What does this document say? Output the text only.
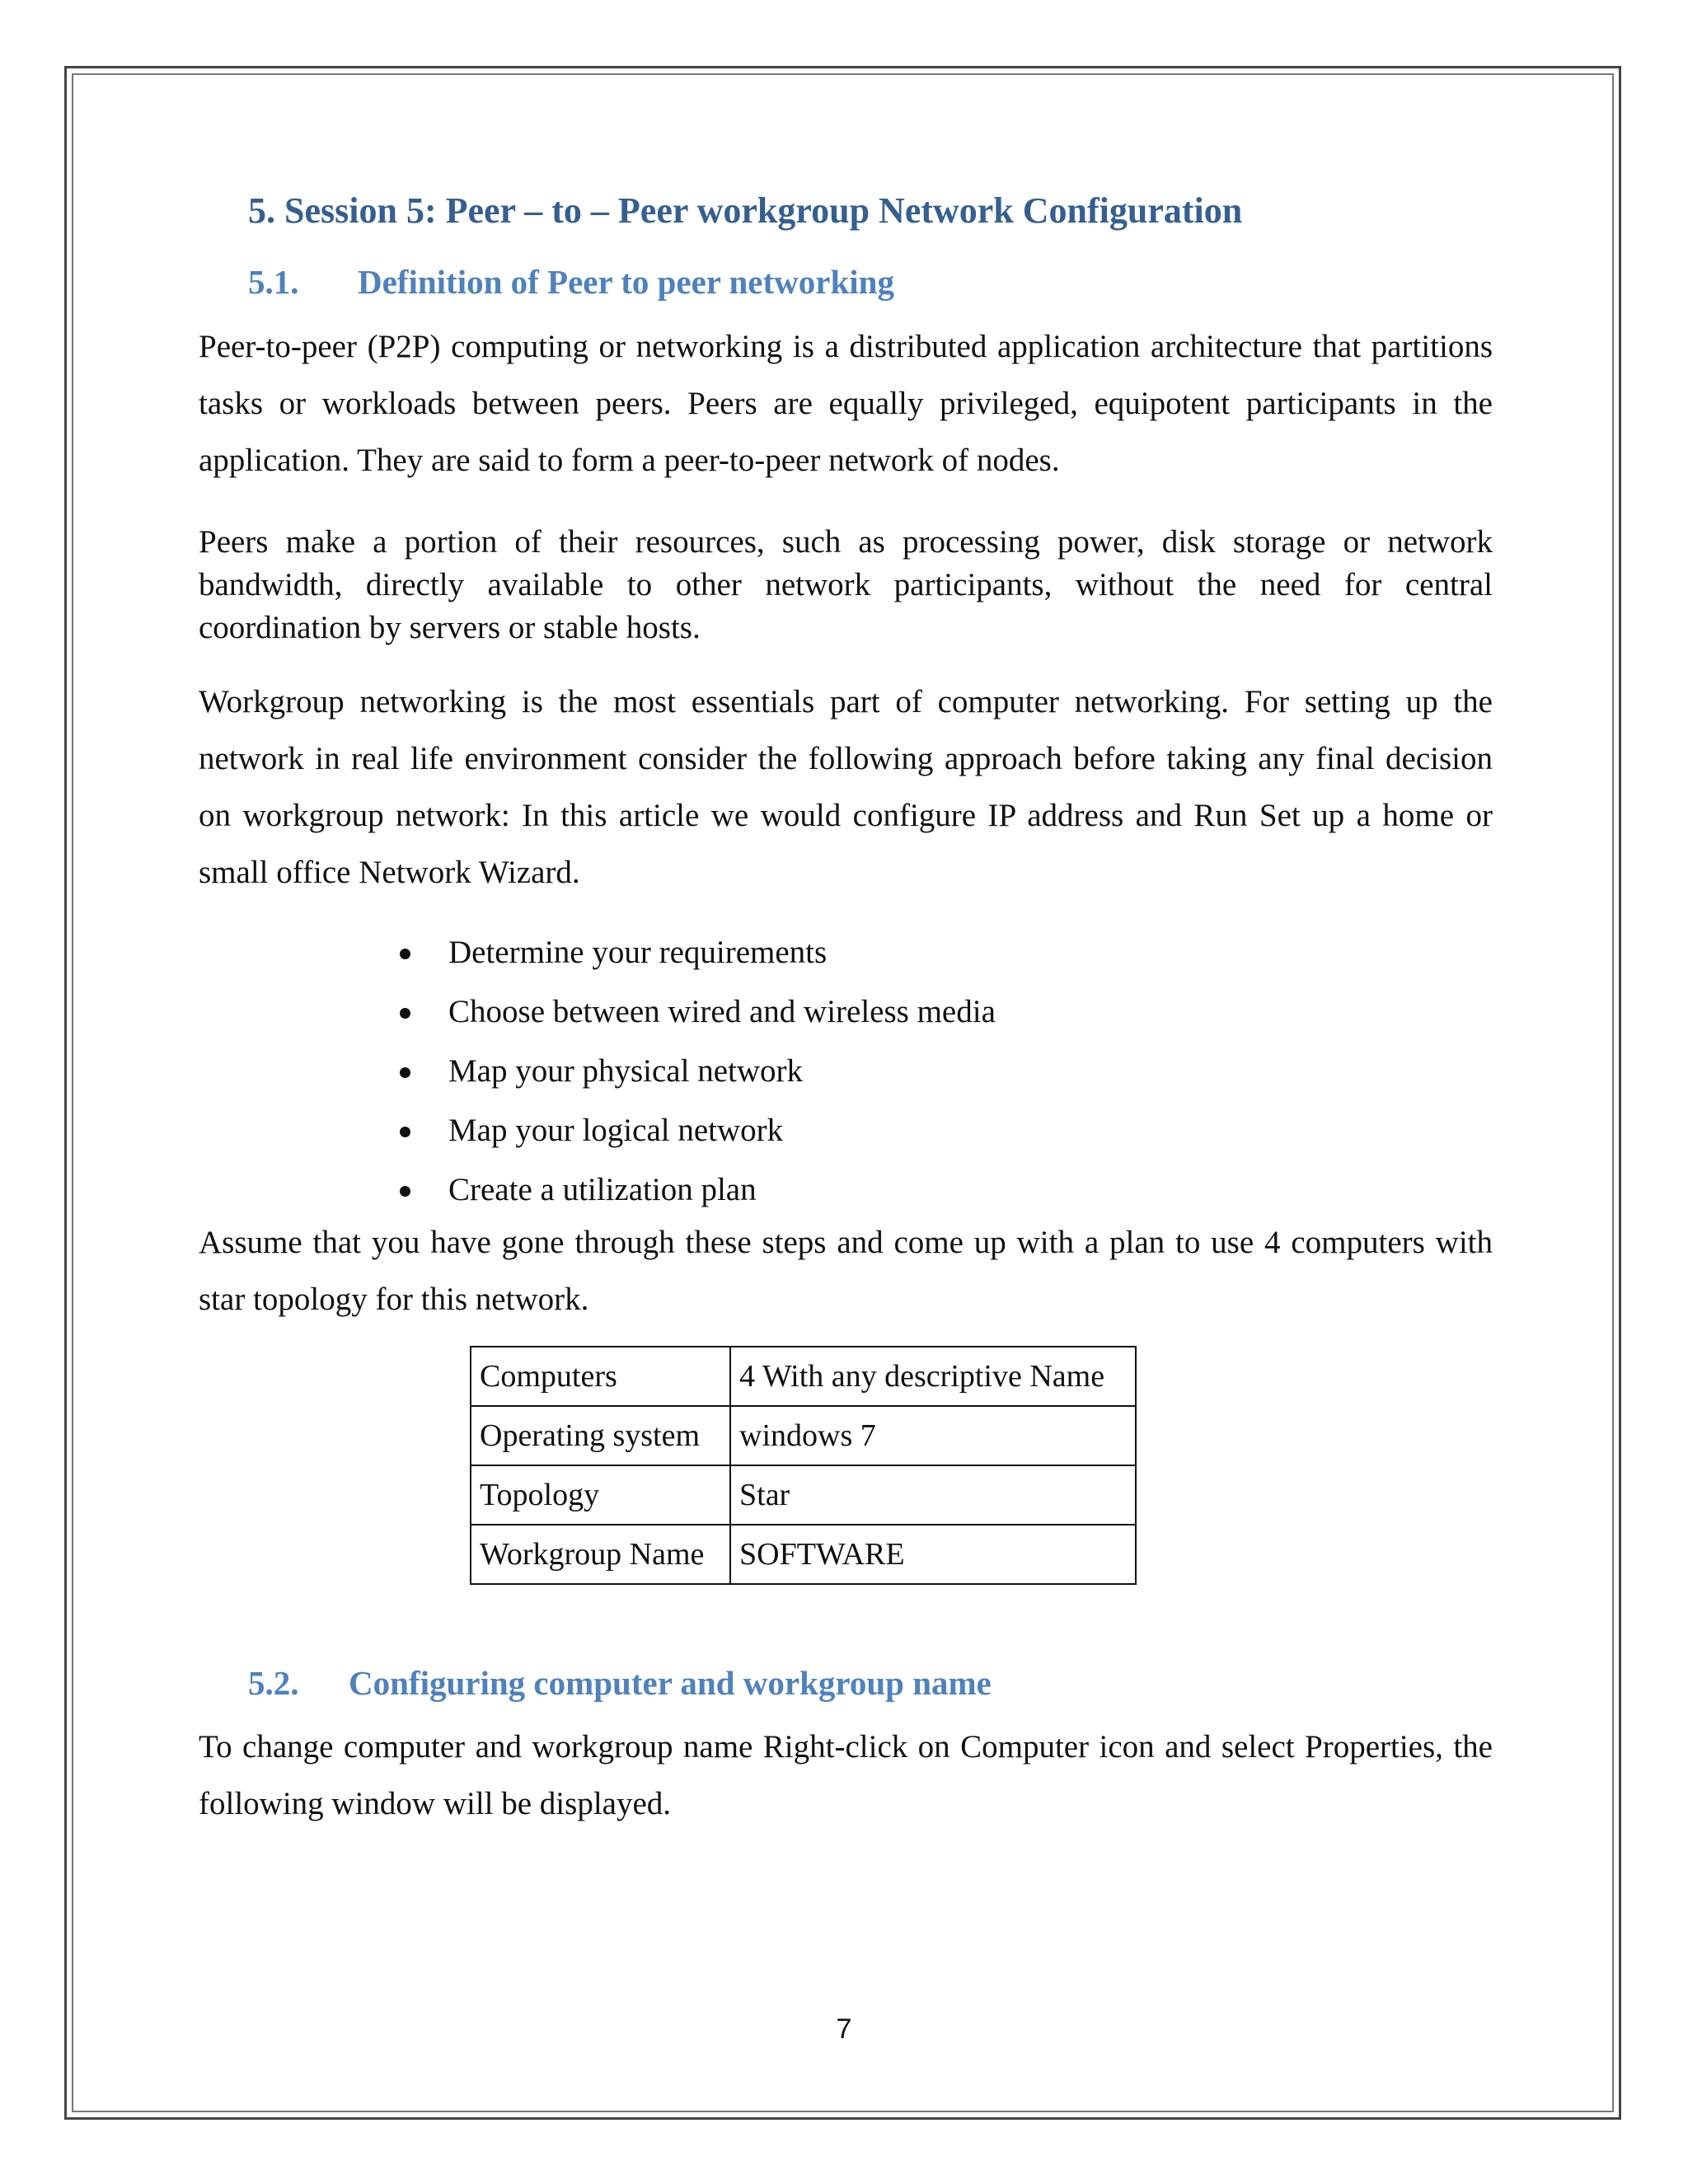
5. Session 5: Peer – to – Peer workgroup Network Configuration
5.1. Definition of Peer to peer networking

Peer-to-peer (P2P) computing or networking is a distributed application architecture that partitions tasks or workloads between peers. Peers are equally privileged, equipotent participants in the application. They are said to form a peer-to-peer network of nodes.

Peers make a portion of their resources, such as processing power, disk storage or network bandwidth, directly available to other network participants, without the need for central coordination by servers or stable hosts.

Workgroup networking is the most essentials part of computer networking. For setting up the network in real life environment consider the following approach before taking any final decision on workgroup network: In this article we would configure IP address and Run Set up a home or small office Network Wizard.

Determine your requirements
Choose between wired and wireless media
Map your physical network
Map your logical network
Create a utilization plan

Assume that you have gone through these steps and come up with a plan to use 4 computers with star topology for this network.

Computers	4 With any descriptive Name
Operating system	windows 7
Topology	Star
Workgroup Name	SOFTWARE
5.2. Configuring computer and workgroup name

To change computer and workgroup name Right-click on Computer icon and select Properties, the following window will be displayed.

7
